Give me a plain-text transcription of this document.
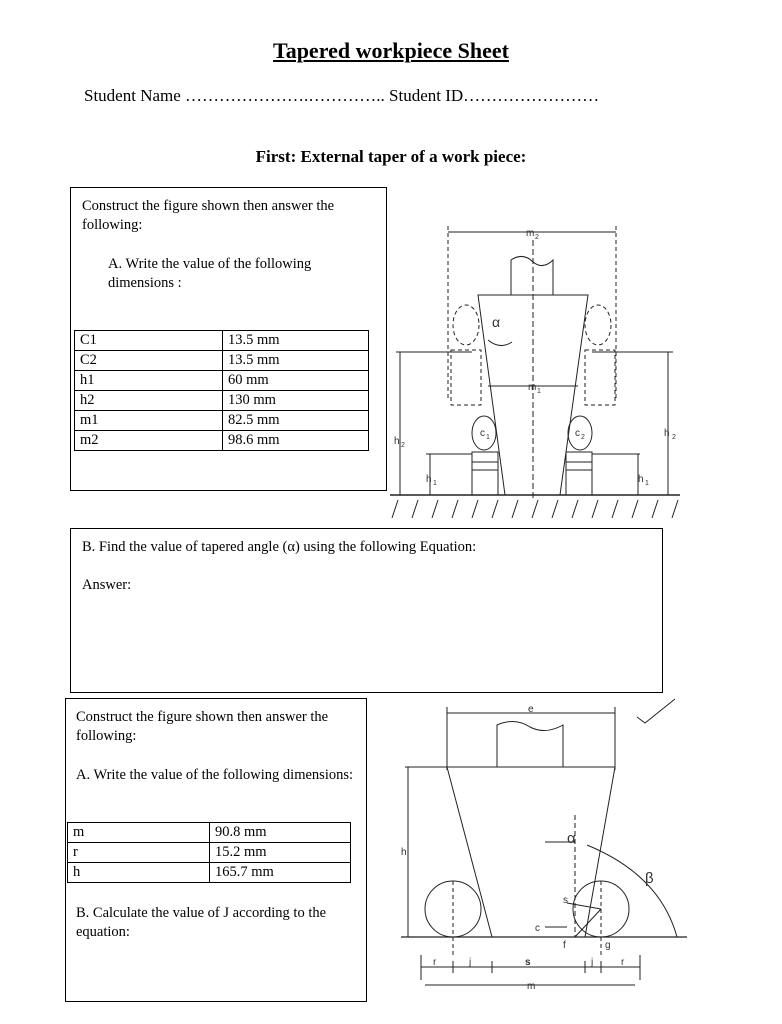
Tapered workpiece Sheet
Student Name ………………….………….. Student ID……………………
First: External taper of a work piece:
Construct the figure shown then answer the following:
A. Write the value of the following dimensions :
C1	13.5 mm
C2	13.5 mm
h1	60 mm
h2	130 mm
m1	82.5 mm
m2	98.6 mm
m 2
m 1
α
h 2
h 2
h 1	h 1
c 1	c 2
B. Find the value of tapered angle (α) using the following Equation:
Answer:
Construct the figure shown then answer the following:
A. Write the value of the following dimensions:
m	90.8 mm
r	15.2 mm
h	165.7 mm
B. Calculate the value of J according to the equation:
e
h
α
β
s
c
f	g
r	j	s	j	r
m
